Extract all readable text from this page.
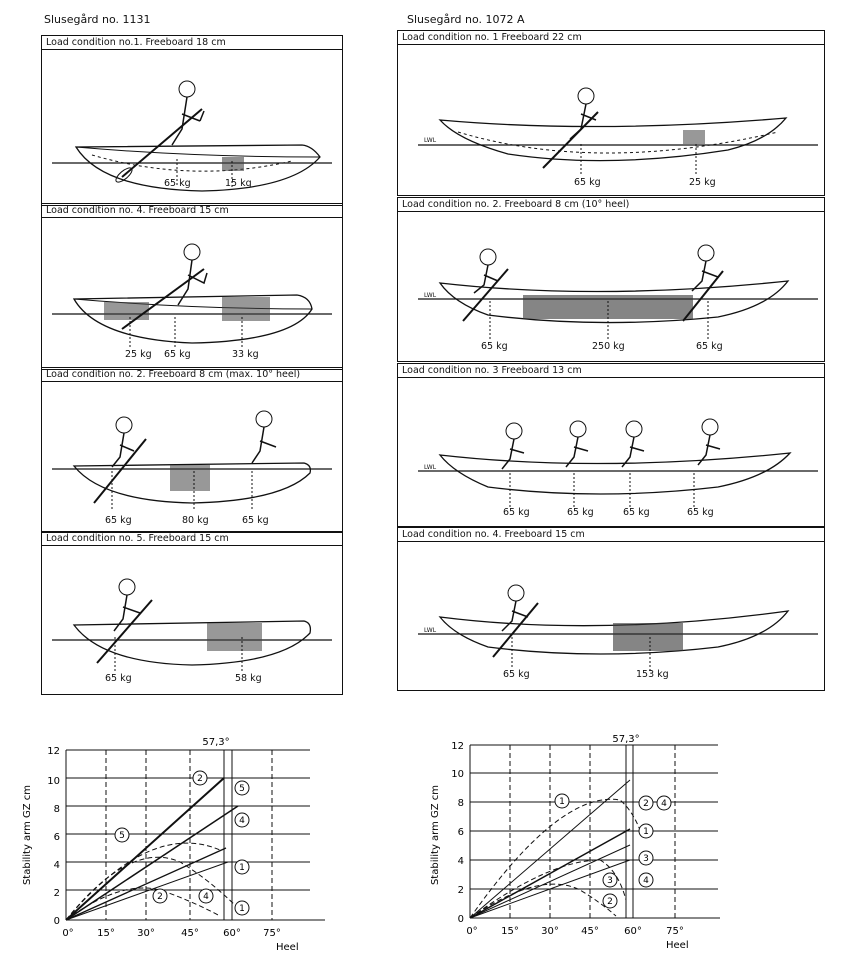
Slusegård no. 1131	Slusegård no. 1072 A
Load condition no.1. Freeboard 18 cm
65 kg	15 kg
Load condition no. 4. Freeboard 15 cm
25 kg 65 kg	33 kg
Load condition no. 2. Freeboard 8 cm (max. 10° heel)
65 kg	80 kg	65 kg
Load condition no. 5. Freeboard 15 cm
65 kg	58 kg
Load condition no. 1 Freeboard 22 cm
LWL
65 kg	25 kg
Load condition no. 2. Freeboard 8 cm (10° heel)
LWL
65 kg	250 kg	65 kg
Load condition no. 3 Freeboard 13 cm
LWL
65 kg	65 kg	65 kg	65 kg
Load condition no. 4. Freeboard 15 cm
LWL
65 kg	153 kg
2
5
4
1
5
2	4
1
0
2
4
6
8
10
12
0° 15° 30°	45° 60° 75°
57,3°
Heel
Stability arm GZ cm	1	2 4
1
3
3	4
2
0
2
4
6
8
10
12
0° 15° 30° 45°	60° 75°
57,3°
Heel
Stability arm GZ cm
